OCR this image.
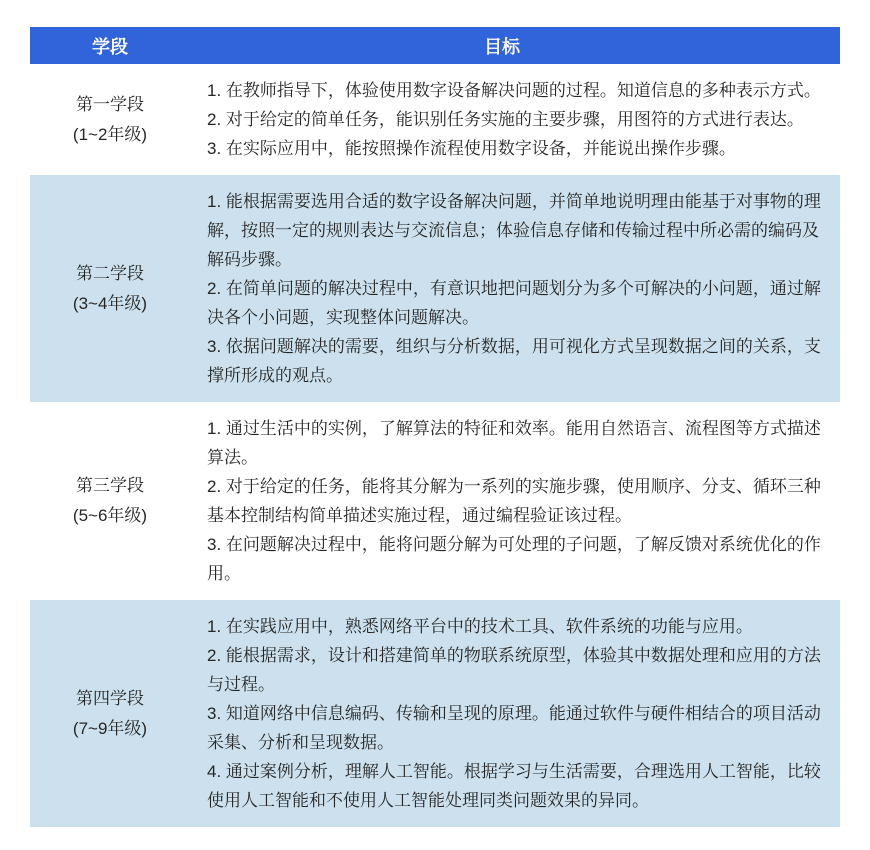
学段	目标
第一学段
(1~2年级)

1. 在教师指导下，体验使用数字设备解决问题的过程。知道信息的多种表示方式。

2. 对于给定的简单任务，能识别任务实施的主要步骤，用图符的方式进行表达。

3. 在实际应用中，能按照操作流程使用数字设备，并能说出操作步骤。

第二学段
(3~4年级)

1. 能根据需要选用合适的数字设备解决问题，并简单地说明理由能基于对事物的理解，按照一定的规则表达与交流信息；体验信息存储和传输过程中所必需的编码及解码步骤。

2. 在简单问题的解决过程中，有意识地把问题划分为多个可解决的小问题，通过解决各个小问题，实现整体问题解决。

3. 依据问题解决的需要，组织与分析数据，用可视化方式呈现数据之间的关系，支撑所形成的观点。

第三学段
(5~6年级)

1. 通过生活中的实例，了解算法的特征和效率。能用自然语言、流程图等方式描述算法。

2. 对于给定的任务，能将其分解为一系列的实施步骤，使用顺序、分支、循环三种基本控制结构简单描述实施过程，通过编程验证该过程。

3. 在问题解决过程中，能将问题分解为可处理的子问题，了解反馈对系统优化的作用。

第四学段
(7~9年级)

1. 在实践应用中，熟悉网络平台中的技术工具、软件系统的功能与应用。

2. 能根据需求，设计和搭建简单的物联系统原型，体验其中数据处理和应用的方法与过程。

3. 知道网络中信息编码、传输和呈现的原理。能通过软件与硬件相结合的项目活动采集、分析和呈现数据。

4. 通过案例分析，理解人工智能。根据学习与生活需要，合理选用人工智能，比较使用人工智能和不使用人工智能处理同类问题效果的异同。
